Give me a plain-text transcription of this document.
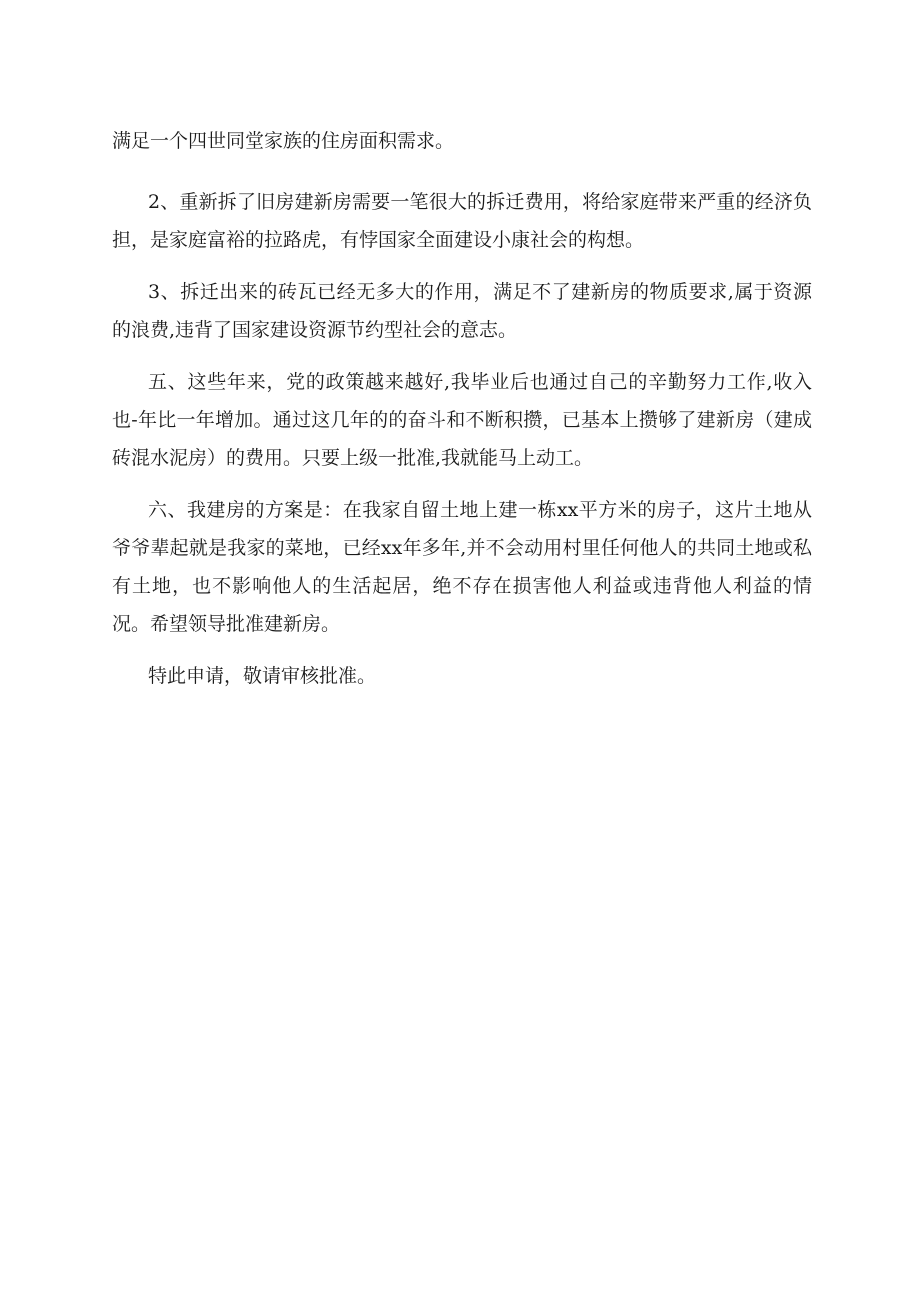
满足一个四世同堂家族的住房面积需求。

2、重新拆了旧房建新房需要一笔很大的拆迁费用，将给家庭带来严重的经济负担，是家庭富裕的拉路虎，有悖国家全面建设小康社会的构想。

3、拆迁出来的砖瓦已经无多大的作用，满足不了建新房的物质要求,属于资源的浪费,违背了国家建设资源节约型社会的意志。

五、这些年来，党的政策越来越好,我毕业后也通过自己的辛勤努力工作,收入也-年比一年增加。通过这几年的的奋斗和不断积攒，已基本上攒够了建新房（建成砖混水泥房）的费用。只要上级一批准,我就能马上动工。

六、我建房的方案是：在我家自留土地上建一栋xx平方米的房子，这片土地从爷爷辈起就是我家的菜地，已经xx年多年,并不会动用村里任何他人的共同土地或私有土地，也不影响他人的生活起居，绝不存在损害他人利益或违背他人利益的情况。希望领导批准建新房。

特此申请，敬请审核批准。
